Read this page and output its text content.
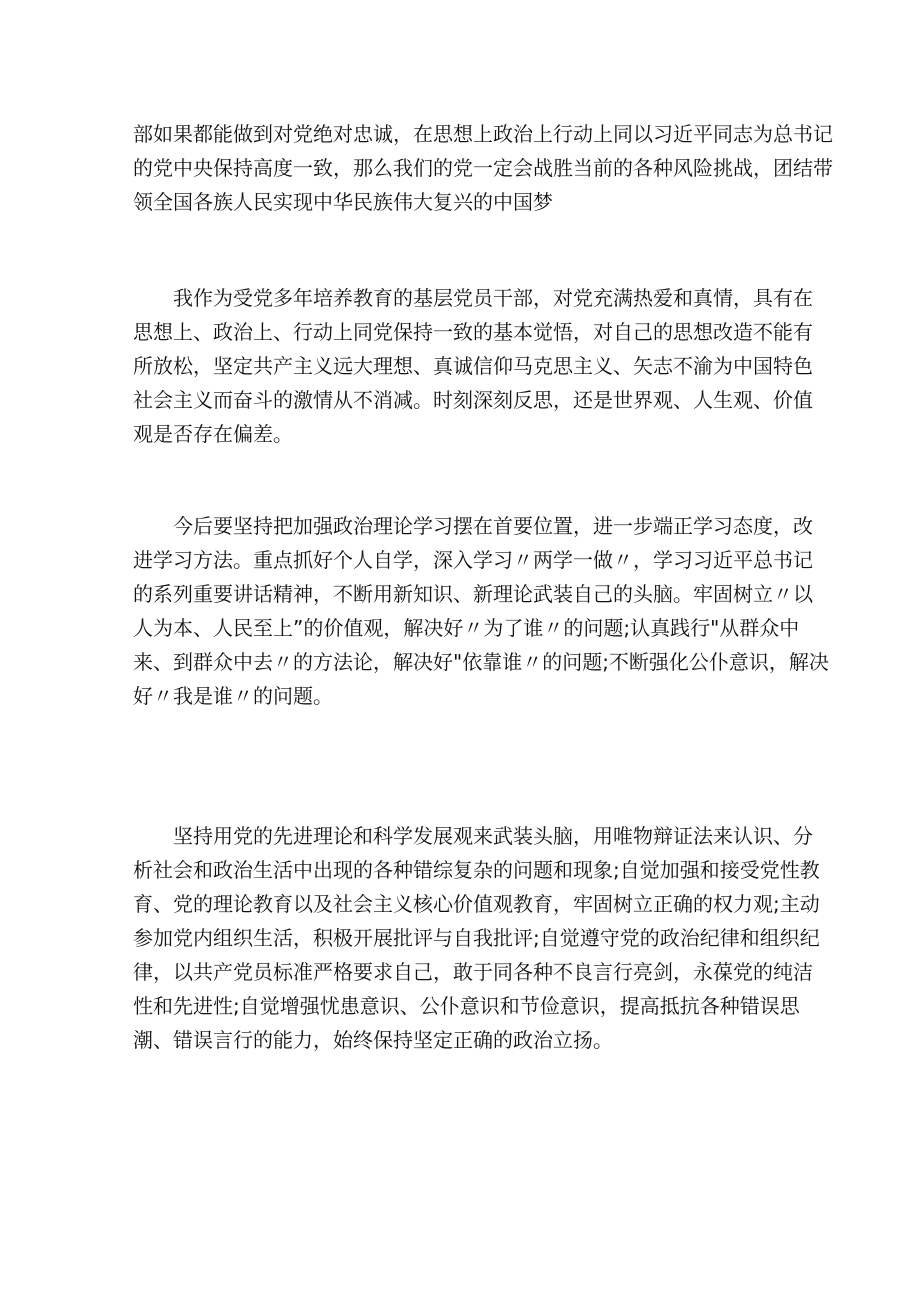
部如果都能做到对党绝对忠诚，在思想上政治上行动上同以习近平同志为总书记
的党中央保持高度一致，那么我们的党一定会战胜当前的各种风险挑战，团结带
领全国各族人民实现中华民族伟大复兴的中国梦
　　我作为受党多年培养教育的基层党员干部，对党充满热爱和真情，具有在
思想上、政治上、行动上同党保持一致的基本觉悟，对自己的思想改造不能有
所放松，坚定共产主义远大理想、真诚信仰马克思主义、矢志不渝为中国特色
社会主义而奋斗的激情从不消减。时刻深刻反思，还是世界观、人生观、价值
观是否存在偏差。
　　今后要坚持把加强政治理论学习摆在首要位置，进一步端正学习态度，改
进学习方法。重点抓好个人自学，深入学习〃两学一做〃，学习习近平总书记
的系列重要讲话精神，不断用新知识、新理论武装自己的头脑。牢固树立〃以
人为本、人民至上”的价值观，解决好〃为了谁〃的问题;认真践行"从群众中
来、到群众中去〃的方法论，解决好"依靠谁〃的问题;不断强化公仆意识，解决
好〃我是谁〃的问题。
　　坚持用党的先进理论和科学发展观来武装头脑，用唯物辩证法来认识、分
析社会和政治生活中出现的各种错综复杂的问题和现象;自觉加强和接受党性教
育、党的理论教育以及社会主义核心价值观教育，牢固树立正确的权力观;主动
参加党内组织生活，积极开展批评与自我批评;自觉遵守党的政治纪律和组织纪
律，以共产党员标准严格要求自己，敢于同各种不良言行亮剑，永葆党的纯洁
性和先进性;自觉增强忧患意识、公仆意识和节俭意识，提高抵抗各种错误思
潮、错误言行的能力，始终保持坚定正确的政治立扬。
